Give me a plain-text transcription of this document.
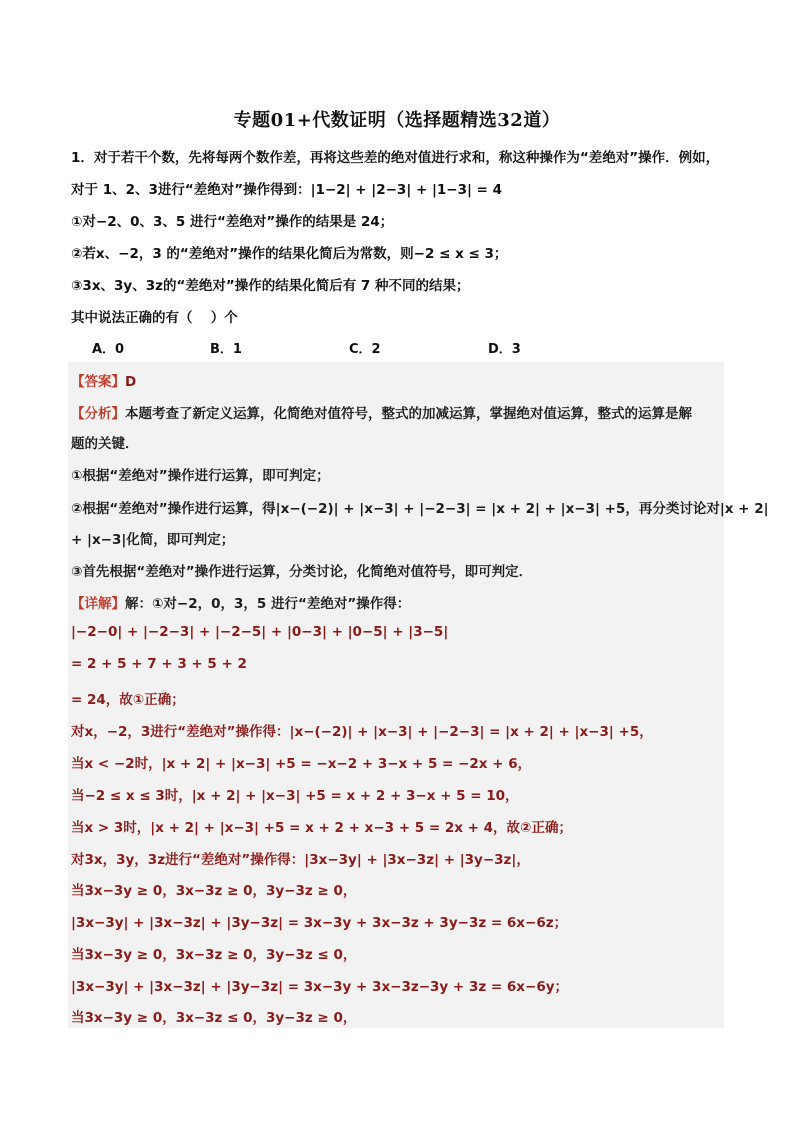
专题01+代数证明（选择题精选32道）
1．对于若干个数，先将每两个数作差，再将这些差的绝对值进行求和，称这种操作为“差绝对”操作．例如，
对于 1、2、3进行“差绝对”操作得到：|1−2| + |2−3| + |1−3| = 4
①对−2、0、3、5 进行“差绝对”操作的结果是 24；
②若x、−2，3 的“差绝对”操作的结果化简后为常数，则−2 ≤ x ≤ 3；
③3x、3y、3z的“差绝对”操作的结果化简后有 7 种不同的结果；
其中说法正确的有（　 ）个
A．0	B．1	C．2	D．3
【答案】D
【分析】本题考查了新定义运算，化简绝对值符号，整式的加减运算，掌握绝对值运算，整式的运算是解
题的关键．
①根据“差绝对”操作进行运算，即可判定；
②根据“差绝对”操作进行运算，得|x−(−2)| + |x−3| + |−2−3| = |x + 2| + |x−3| +5，再分类讨论对|x + 2|
+ |x−3|化简，即可判定；
③首先根据“差绝对”操作进行运算，分类讨论，化简绝对值符号，即可判定．
【详解】解：①对−2，0，3，5 进行“差绝对”操作得：
|−2−0| + |−2−3| + |−2−5| + |0−3| + |0−5| + |3−5|
= 2 + 5 + 7 + 3 + 5 + 2
= 24，故①正确；
对x，−2，3进行“差绝对”操作得：|x−(−2)| + |x−3| + |−2−3| = |x + 2| + |x−3| +5，
当x < −2时，|x + 2| + |x−3| +5 = −x−2 + 3−x + 5 = −2x + 6，
当−2 ≤ x ≤ 3时，|x + 2| + |x−3| +5 = x + 2 + 3−x + 5 = 10，
当x > 3时，|x + 2| + |x−3| +5 = x + 2 + x−3 + 5 = 2x + 4，故②正确；
对3x，3y，3z进行“差绝对”操作得：|3x−3y| + |3x−3z| + |3y−3z|，
当3x−3y ≥ 0，3x−3z ≥ 0，3y−3z ≥ 0，
|3x−3y| + |3x−3z| + |3y−3z| = 3x−3y + 3x−3z + 3y−3z = 6x−6z；
当3x−3y ≥ 0，3x−3z ≥ 0，3y−3z ≤ 0，
|3x−3y| + |3x−3z| + |3y−3z| = 3x−3y + 3x−3z−3y + 3z = 6x−6y；
当3x−3y ≥ 0，3x−3z ≤ 0，3y−3z ≥ 0，
